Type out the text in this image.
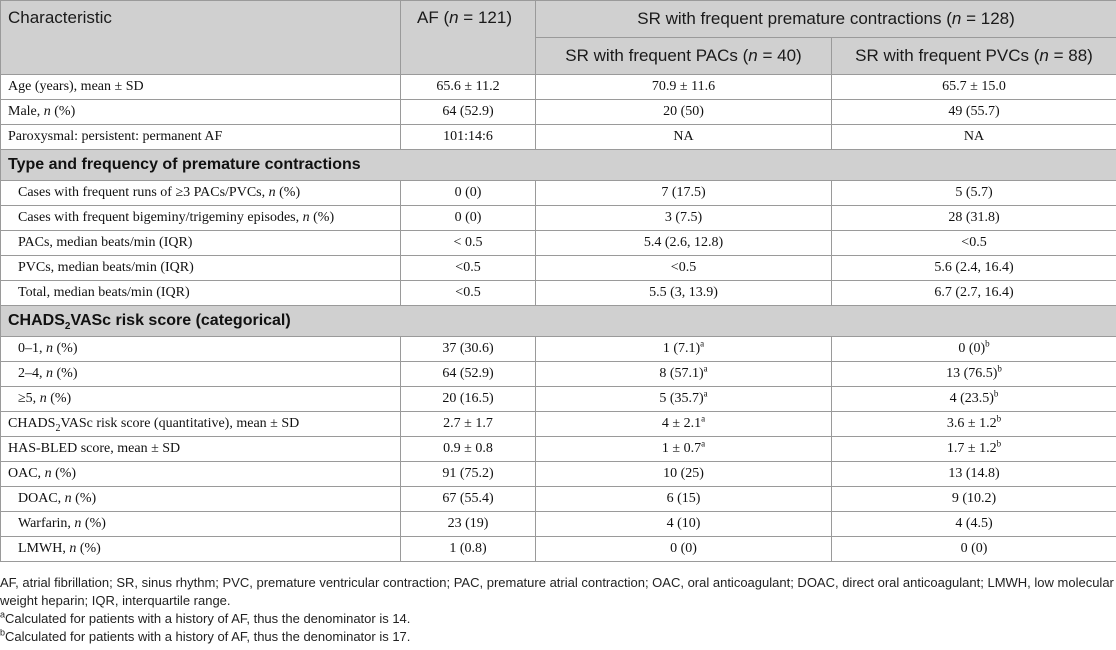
Characteristic	AF (n = 121)	SR with frequent premature contractions (n = 128)	
		SR with frequent PACs (n = 40)	SR with frequent PVCs (n = 88)
Age (years), mean ± SD	65.6 ± 11.2	70.9 ± 11.6	65.7 ± 15.0
Male, n (%)	64 (52.9)	20 (50)	49 (55.7)
Paroxysmal: persistent: permanent AF	101:14:6	NA	NA
Type and frequency of premature contractions			
Cases with frequent runs of ≥3 PACs/PVCs, n (%)	0 (0)	7 (17.5)	5 (5.7)
Cases with frequent bigeminy/trigeminy episodes, n (%)	0 (0)	3 (7.5)	28 (31.8)
PACs, median beats/min (IQR)	< 0.5	5.4 (2.6, 12.8)	<0.5
PVCs, median beats/min (IQR)	<0.5	<0.5	5.6 (2.4, 16.4)
Total, median beats/min (IQR)	<0.5	5.5 (3, 13.9)	6.7 (2.7, 16.4)
$CHADS_2VASc$ risk score (categorical)			
0–1, n (%)	37 (30.6)	1 $(7.1)^a$	0 $(0)^b$
2–4, n (%)	64 (52.9)	8 $(57.1)^a$	13 $(76.5)^b$
≥5, n (%)	20 (16.5)	5 $(35.7)^a$	4 $(23.5)^b$
$CHADS_2VASc$ risk score (quantitative), mean ± SD	2.7 ± 1.7	4 ± 2.1$^a$	3.6 ± 1.2$^b$
HAS-BLED score, mean ± SD	0.9 ± 0.8	1 ± 0.7$^a$	1.7 ± 1.2$^b$
OAC, n (%)	91 (75.2)	10 (25)	13 (14.8)
DOAC, n (%)	67 (55.4)	6 (15)	9 (10.2)
Warfarin, n (%)	23 (19)	4 (10)	4 (4.5)
LMWH, n (%)	1 (0.8)	0 (0)	0 (0)

AF, atrial fibrillation; SR, sinus rhythm; PVC, premature ventricular contraction; PAC, premature atrial contraction; OAC, oral anticoagulant; DOAC, direct oral anticoagulant; LMWH, low molecular weight heparin; IQR, interquartile range.

$^a$Calculated for patients with a history of AF, thus the denominator is 14.

$^b$Calculated for patients with a history of AF, thus the denominator is 17.
